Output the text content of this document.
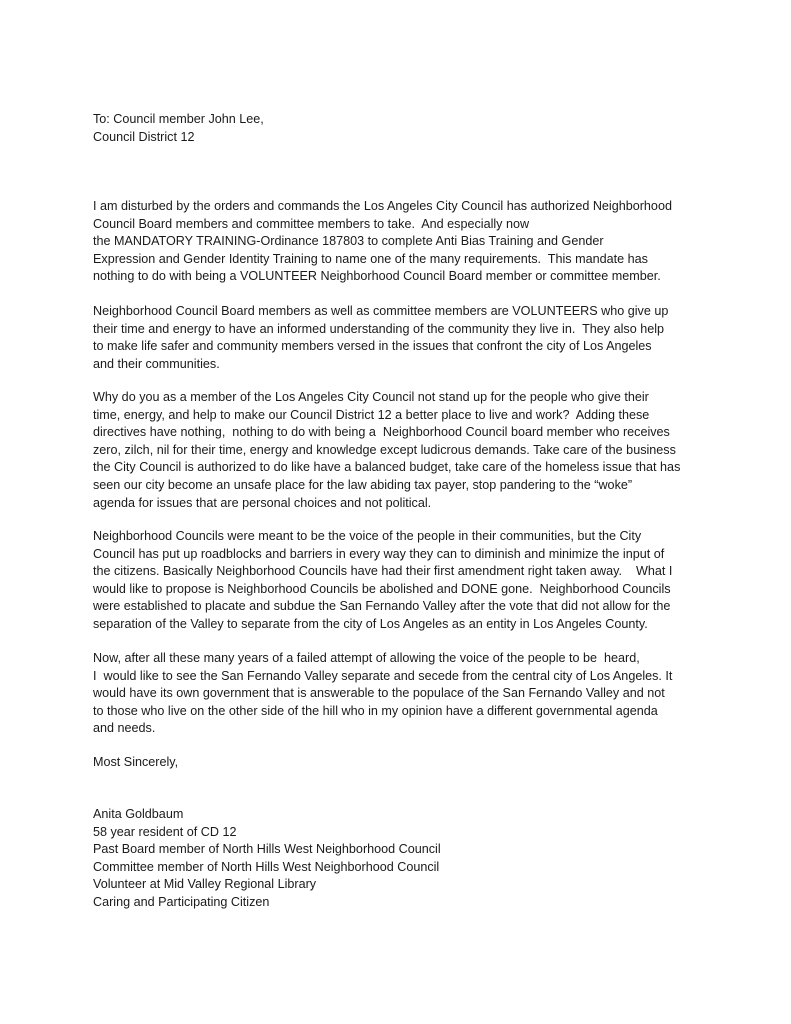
To: Council member John Lee,
Council District 12
I am disturbed by the orders and commands the Los Angeles City Council has authorized Neighborhood
Council Board members and committee members to take.  And especially now
the MANDATORY TRAINING-Ordinance 187803 to complete Anti Bias Training and Gender
Expression and Gender Identity Training to name one of the many requirements.  This mandate has
nothing to do with being a VOLUNTEER Neighborhood Council Board member or committee member.
Neighborhood Council Board members as well as committee members are VOLUNTEERS who give up
their time and energy to have an informed understanding of the community they live in.  They also help
to make life safer and community members versed in the issues that confront the city of Los Angeles
and their communities.
Why do you as a member of the Los Angeles City Council not stand up for the people who give their
time, energy, and help to make our Council District 12 a better place to live and work?  Adding these
directives have nothing,  nothing to do with being a  Neighborhood Council board member who receives
zero, zilch, nil for their time, energy and knowledge except ludicrous demands. Take care of the business
the City Council is authorized to do like have a balanced budget, take care of the homeless issue that has
seen our city become an unsafe place for the law abiding tax payer, stop pandering to the “woke”
agenda for issues that are personal choices and not political.
Neighborhood Councils were meant to be the voice of the people in their communities, but the City
Council has put up roadblocks and barriers in every way they can to diminish and minimize the input of
the citizens. Basically Neighborhood Councils have had their first amendment right taken away.    What I
would like to propose is Neighborhood Councils be abolished and DONE gone.  Neighborhood Councils
were established to placate and subdue the San Fernando Valley after the vote that did not allow for the
separation of the Valley to separate from the city of Los Angeles as an entity in Los Angeles County.
Now, after all these many years of a failed attempt of allowing the voice of the people to be  heard,
I  would like to see the San Fernando Valley separate and secede from the central city of Los Angeles. It
would have its own government that is answerable to the populace of the San Fernando Valley and not
to those who live on the other side of the hill who in my opinion have a different governmental agenda
and needs.
Most Sincerely,
Anita Goldbaum
58 year resident of CD 12
Past Board member of North Hills West Neighborhood Council
Committee member of North Hills West Neighborhood Council
Volunteer at Mid Valley Regional Library
Caring and Participating Citizen
